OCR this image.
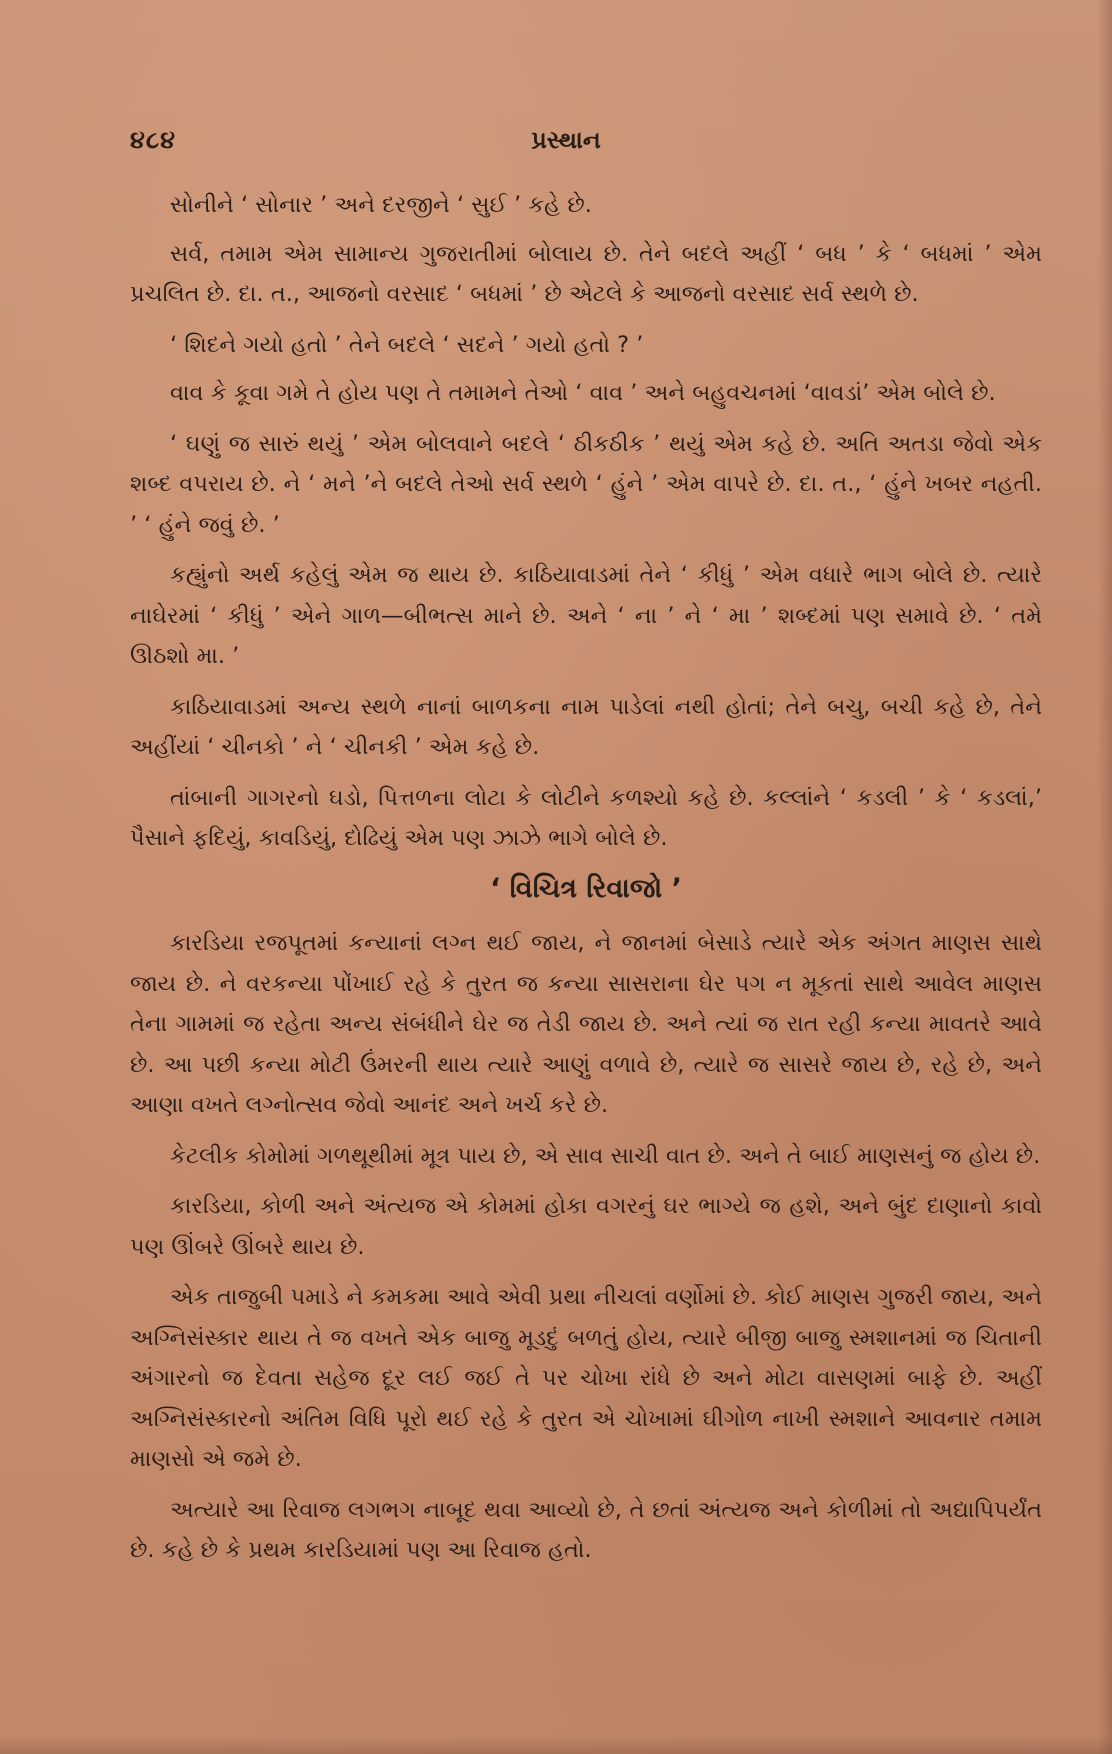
૪૮૪	પ્રસ્થાન

સોનીને ‘ સોનાર ’ અને દરજીને ‘ સુઈ ’ કહે છે.

સર્વ, તમામ એમ સામાન્ય ગુજરાતીમાં બોલાય છે. તેને બદલે અહીં ‘ બધ ’ કે ‘ બધમાં ’ એમ પ્રચલિત છે. દા. ત., આજનો વરસાદ ‘ બધમાં ’ છે એટલે કે આજનો વરસાદ સર્વ સ્થળે છે.

‘ શિદને ગયો હતો ’ તેને બદલે ‘ સદને ’ ગયો હતો ? ’

વાવ કે કૂવા ગમે તે હોય પણ તે તમામને તેઓ ‘ વાવ ’ અને બહુવચનમાં ‘વાવડાં’ એમ બોલે છે.

‘ ઘણું જ સારું થયું ’ એમ બોલવાને બદલે ‘ ઠીકઠીક ’ થયું એમ કહે છે. અતિ અતડા જેવો એક શબ્દ વપરાય છે. ને ‘ મને ’ને બદલે તેઓ સર્વ સ્થળે ‘ હુંને ’ એમ વાપરે છે. દા. ત., ‘ હુંને ખબર નહતી. ’ ‘ હુંને જવું છે. ’

કહ્યુંનો અર્થ કહેલું એમ જ થાય છે. કાઠિયાવાડમાં તેને ‘ કીધું ’ એમ વધારે ભાગ બોલે છે. ત્યારે નાઘેરમાં ‘ કીધું ’ એને ગાળ—બીભત્સ માને છે. અને ‘ ના ’ ને ‘ મા ’ શબ્દમાં પણ સમાવે છે. ‘ તમે ઊઠશો મા. ’

કાઠિયાવાડમાં અન્ય સ્થળે નાનાં બાળકના નામ પાડેલાં નથી હોતાં; તેને બચુ, બચી કહે છે, તેને અહીંયાં ‘ ચીનકો ’ ને ‘ ચીનકી ’ એમ કહે છે.

તાંબાની ગાગરનો ઘડો, પિત્તળના લોટા કે લોટીને કળશ્યો કહે છે. કલ્લાંને ‘ કડલી ’ કે ‘ કડલાં,’ પૈસાને ફદિયું, કાવડિયું, દોઢિયું એમ પણ ઝાઝે ભાગે બોલે છે.

‘ વિચિત્ર રિવાજો ’

કારડિયા રજપૂતમાં કન્યાનાં લગ્ન થઈ જાય, ને જાનમાં બેસાડે ત્યારે એક અંગત માણસ સાથે જાય છે. ને વરકન્યા પોંખાઈ રહે કે તુરત જ કન્યા સાસરાના ઘેર પગ ન મૂકતાં સાથે આવેલ માણસ તેના ગામમાં જ રહેતા અન્ય સંબંધીને ઘેર જ તેડી જાય છે. અને ત્યાં જ રાત રહી કન્યા માવતરે આવે છે. આ પછી કન્યા મોટી ઉંમરની થાય ત્યારે આણું વળાવે છે, ત્યારે જ સાસરે જાય છે, રહે છે, અને આણા વખતે લગ્નોત્સવ જેવો આનંદ અને ખર્ચ કરે છે.

કેટલીક કોમોમાં ગળથૂથીમાં મૂત્ર પાય છે, એ સાવ સાચી વાત છે. અને તે બાઈ માણસનું જ હોય છે.

કારડિયા, કોળી અને અંત્યજ એ કોમમાં હોકા વગરનું ઘર ભાગ્યે જ હશે, અને બુંદ દાણાનો કાવો પણ ઊંબરે ઊંબરે થાય છે.

એક તાજુબી પમાડે ને કમકમા આવે એવી પ્રથા નીચલાં વર્ણોમાં છે. કોઈ માણસ ગુજરી જાય, અને અગ્નિસંસ્કાર થાય તે જ વખતે એક બાજુ મૂડદું બળતું હોય, ત્યારે બીજી બાજુ સ્મશાનમાં જ ચિતાની અંગારનો જ દેવતા સહેજ દૂર લઈ જઈ તે પર ચોખા રાંધે છે અને મોટા વાસણમાં બાફે છે. અહીં અગ્નિસંસ્કારનો અંતિમ વિધિ પૂરો થઈ રહે કે તુરત એ ચોખામાં ઘીગોળ નાખી સ્મશાને આવનાર તમામ માણસો એ જમે છે.

અત્યારે આ રિવાજ લગભગ નાબૂદ થવા આવ્યો છે, તે છતાં અંત્યજ અને કોળીમાં તો અદ્યાપિપર્યંત છે. કહે છે કે પ્રથમ કારડિયામાં પણ આ રિવાજ હતો.
